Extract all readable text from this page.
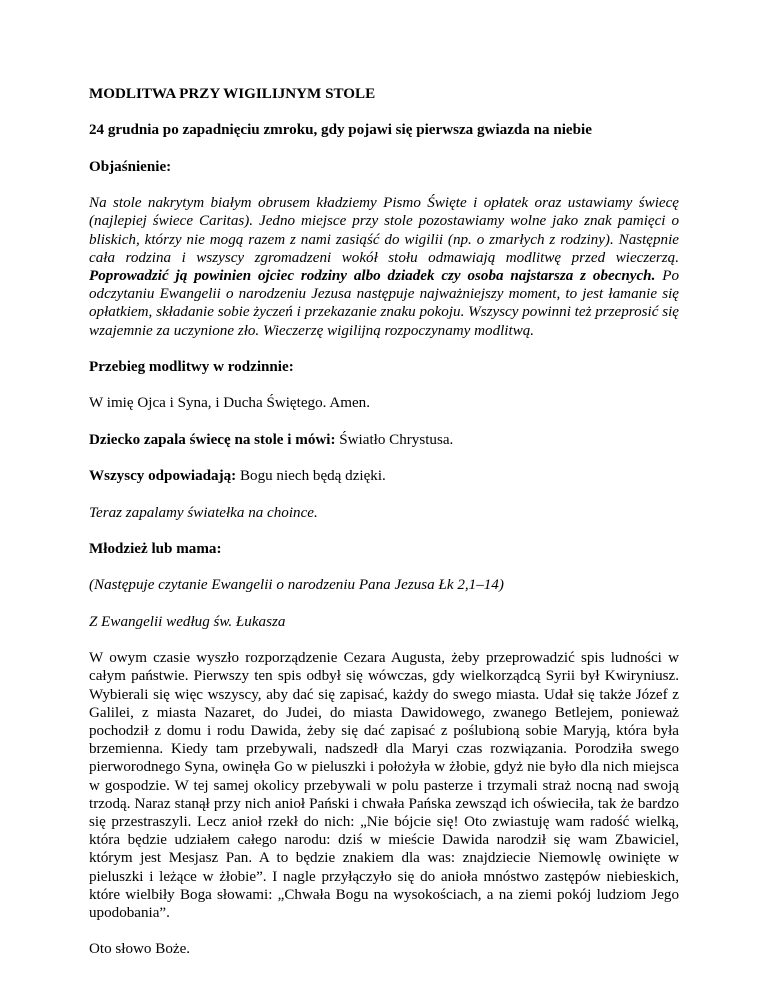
MODLITWA PRZY WIGILIJNYM STOLE

24 grudnia po zapadnięciu zmroku, gdy pojawi się pierwsza gwiazda na niebie

Objaśnienie:

Na stole nakrytym białym obrusem kładziemy Pismo Święte i opłatek oraz ustawiamy świecę (najlepiej świece Caritas). Jedno miejsce przy stole pozostawiamy wolne jako znak pamięci o bliskich, którzy nie mogą razem z nami zasiąść do wigilii (np. o zmarłych z rodziny). Następnie cała rodzina i wszyscy zgromadzeni wokół stołu odmawiają modlitwę przed wieczerzą. Poprowadzić ją powinien ojciec rodziny albo dziadek czy osoba najstarsza z obecnych. Po odczytaniu Ewangelii o narodzeniu Jezusa następuje najważniejszy moment, to jest łamanie się opłatkiem, składanie sobie życzeń i przekazanie znaku pokoju. Wszyscy powinni też przeprosić się wzajemnie za uczynione zło. Wieczerzę wigilijną rozpoczynamy modlitwą.

Przebieg modlitwy w rodzinnie:

W imię Ojca i Syna, i Ducha Świętego. Amen.

Dziecko zapala świecę na stole i mówi: Światło Chrystusa.

Wszyscy odpowiadają: Bogu niech będą dzięki.

Teraz zapalamy światełka na choince.

Młodzież lub mama:

(Następuje czytanie Ewangelii o narodzeniu Pana Jezusa Łk 2,1–14)

Z Ewangelii według św. Łukasza

W owym czasie wyszło rozporządzenie Cezara Augusta, żeby przeprowadzić spis ludności w całym państwie. Pierwszy ten spis odbył się wówczas, gdy wielkorządcą Syrii był Kwiryniusz. Wybierali się więc wszyscy, aby dać się zapisać, każdy do swego miasta. Udał się także Józef z Galilei, z miasta Nazaret, do Judei, do miasta Dawidowego, zwanego Betlejem, ponieważ pochodził z domu i rodu Dawida, żeby się dać zapisać z poślubioną sobie Maryją, która była brzemienna. Kiedy tam przebywali, nadszedł dla Maryi czas rozwiązania. Porodziła swego pierworodnego Syna, owinęła Go w pieluszki i położyła w żłobie, gdyż nie było dla nich miejsca w gospodzie. W tej samej okolicy przebywali w polu pasterze i trzymali straż nocną nad swoją trzodą. Naraz stanął przy nich anioł Pański i chwała Pańska zewsząd ich oświeciła, tak że bardzo się przestraszyli. Lecz anioł rzekł do nich: „Nie bójcie się! Oto zwiastuję wam radość wielką, która będzie udziałem całego narodu: dziś w mieście Dawida narodził się wam Zbawiciel, którym jest Mesjasz Pan. A to będzie znakiem dla was: znajdziecie Niemowlę owinięte w pieluszki i leżące w żłobie”. I nagle przyłączyło się do anioła mnóstwo zastępów niebieskich, które wielbiły Boga słowami: „Chwała Bogu na wysokościach, a na ziemi pokój ludziom Jego upodobania”.

Oto słowo Boże.
